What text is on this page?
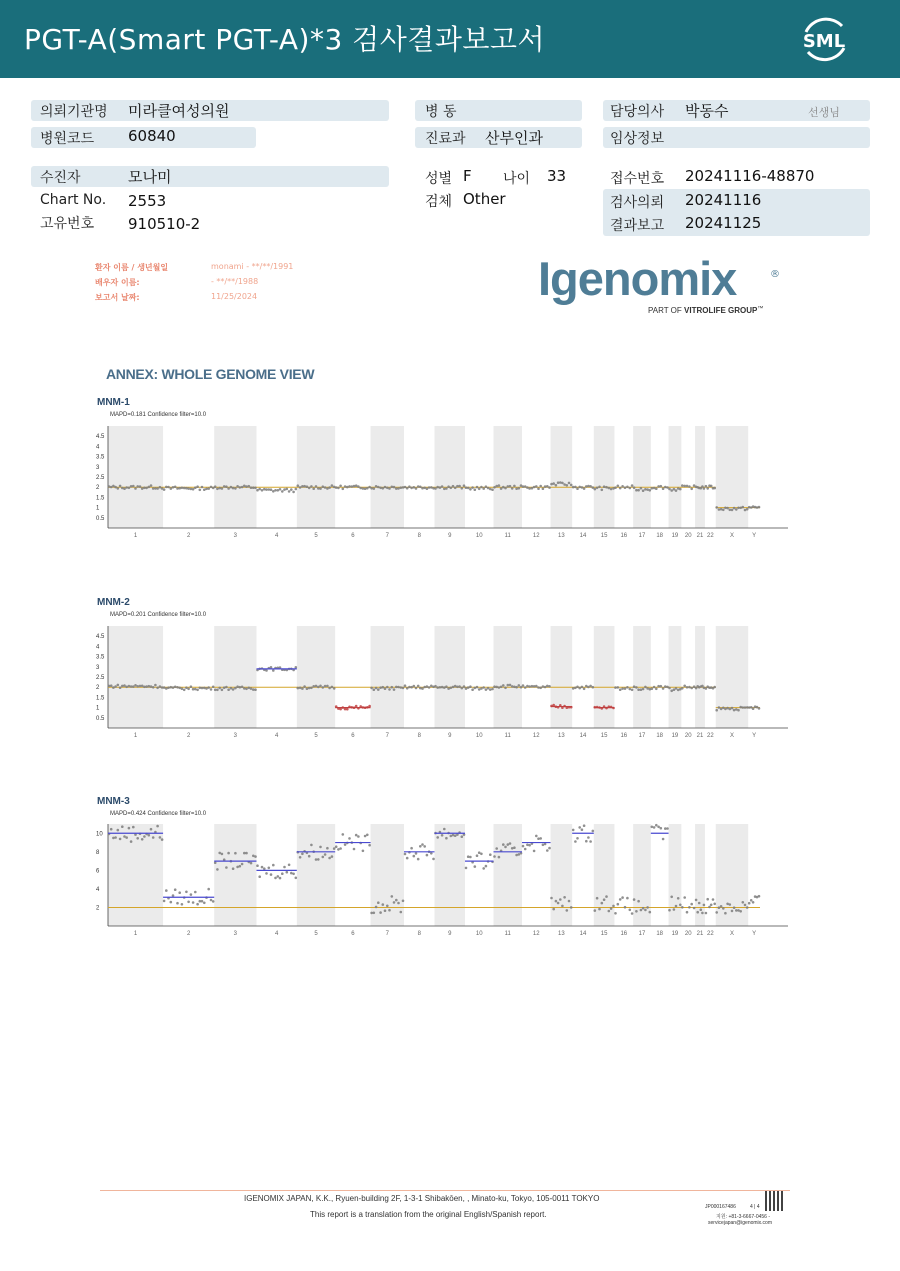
PGT-A(Smart PGT-A)*3 검사결과보고서	SML
의뢰기관명 미라클여성의원
병원코드 60840
병 동
진료과 산부인과
담당의사 박동수	선생님
임상정보
수진자	모나미
Chart No. 2553
고유번호 910510-2
성별 F 나이 33
검체 Other
접수번호 20241116-48870
검사의뢰 20241116
결과보고 20241125
환자 이름 / 생년월일	monami - **/**/1991
배우자 이름:	- **/**/1988
보고서 날짜:	11/25/2024	Igenomix	®
PART OF VITROLIFE GROUP™
ANNEX: WHOLE GENOME VIEW
MNM-1
MAPD=0.181 Confidence filter=10.0
4.5
4
3.5
3
2.5
2
1.5
1
0.5
1	2	3	4	5	6	7	8	9	10	11	12	13 14 15 16 17 18 19 20 21 22	X	Y
MNM-2
MAPD=0.201 Confidence filter=10.0
4.5
4
3.5
3
2.5
2
1.5
1
0.5
1	2	3	4	5	6	7	8	9	10	11	12	13 14 15 16 17 18 19 20 21 22	X	Y
MNM-3
MAPD=0.424 Confidence filter=10.0
10
8
6
4
2
1	2	3	4	5	6	7	8	9	10	11	12	13 14 15 16 17 18 19 20 21 22	X	Y
IGENOMIX JAPAN, K.K., Ryuen-building 2F, 1-3-1 Shibakōen, , Minato-ku, Tokyo, 105-0011 TOKYO
This report is a translation from the original English/Spanish report.
JP000167486	4 | 4
지원: +81-3-6667-0456 -
servicejapan@igenomix.com
